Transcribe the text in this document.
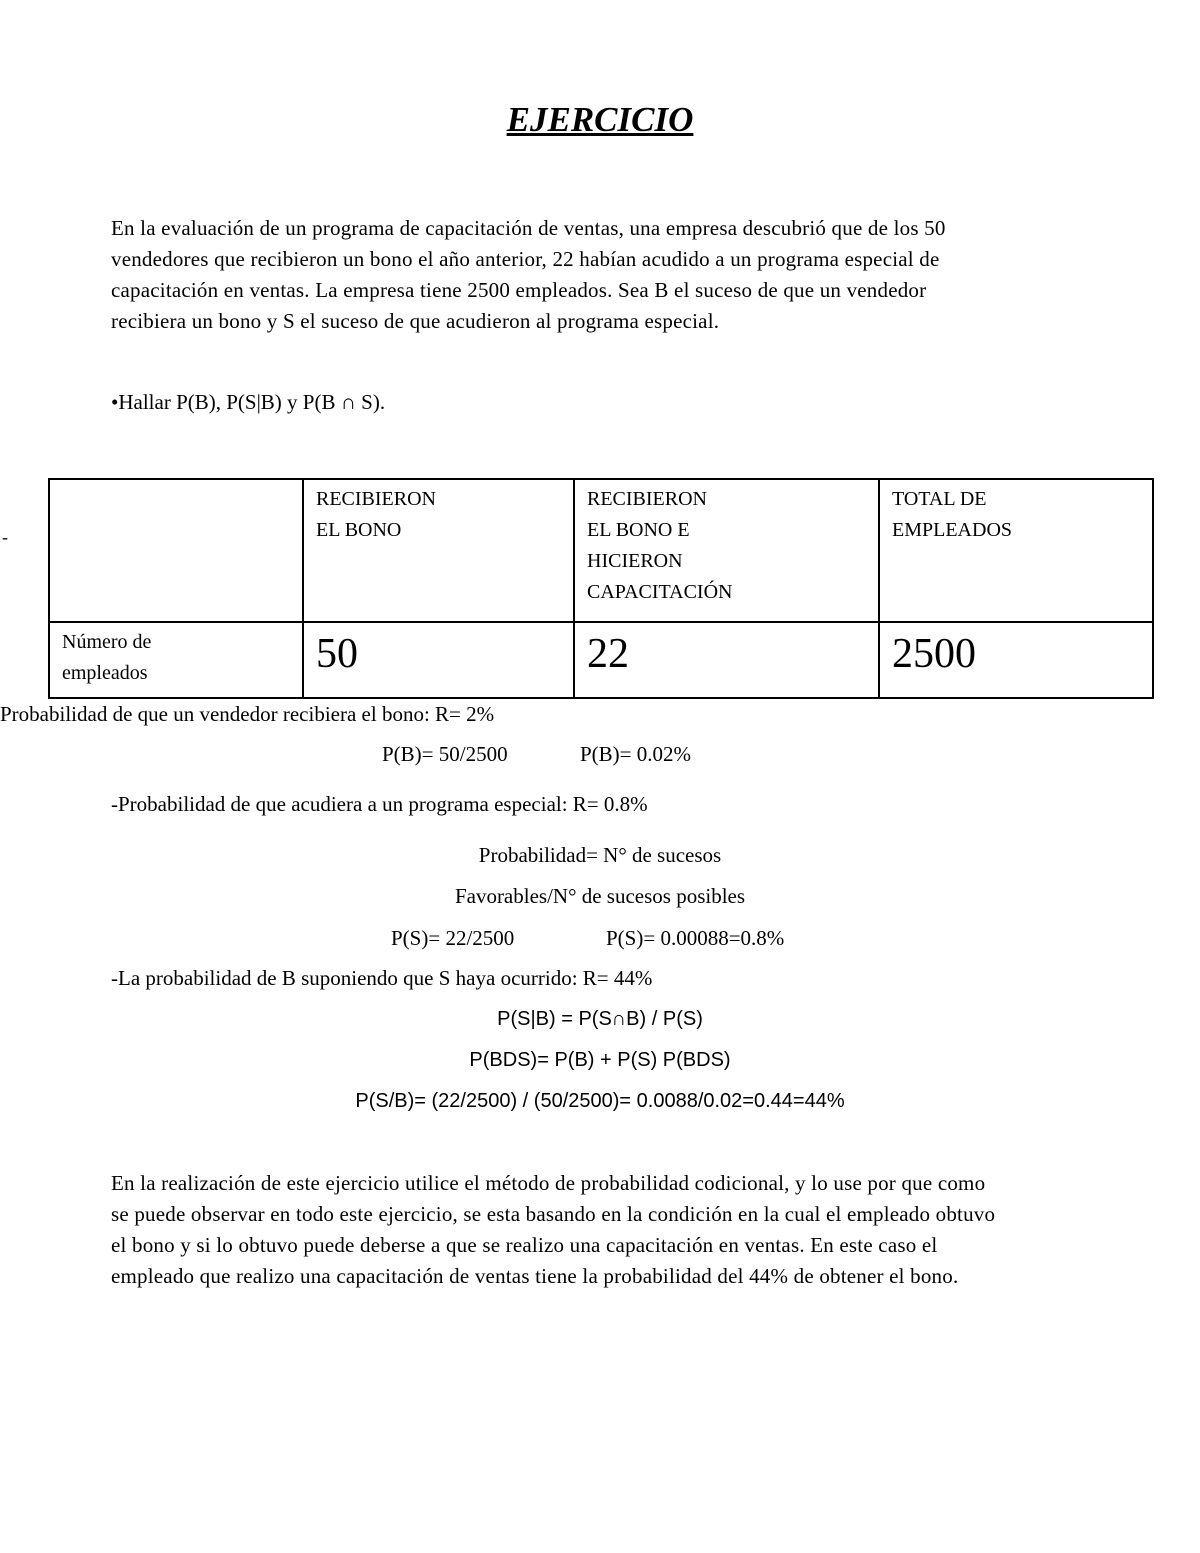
EJERCICIO
En la evaluación de un programa de capacitación de ventas, una empresa descubrió que de los 50
vendedores que recibieron un bono el año anterior, 22 habían acudido a un programa especial de
capacitación en ventas. La empresa tiene 2500 empleados. Sea B el suceso de que un vendedor
recibiera un bono y S el suceso de que acudieron al programa especial.
•Hallar P(B), P(S|B) y P(B ∩ S).
-

	RECIBIERON
EL BONO	RECIBIERON
EL BONO E
HICIERON
CAPACITACIÓN	TOTAL DE
EMPLEADOS

Número de
empleados	50	22	2500
Probabilidad de que un vendedor recibiera el bono: R= 2%
P(B)= 50/2500	P(B)= 0.02%
-Probabilidad de que acudiera a un programa especial: R= 0.8%
Probabilidad= N° de sucesos
Favorables/N° de sucesos posibles
P(S)= 22/2500	P(S)= 0.00088=0.8%
-La probabilidad de B suponiendo que S haya ocurrido: R= 44%
P(S|B) = P(S∩B) / P(S)
P(BDS)= P(B) + P(S) P(BDS)
P(S/B)= (22/2500) / (50/2500)= 0.0088/0.02=0.44=44%
En la realización de este ejercicio utilice el método de probabilidad codicional, y lo use por que como
se puede observar en todo este ejercicio, se esta basando en la condición en la cual el empleado obtuvo
el bono y si lo obtuvo puede deberse a que se realizo una capacitación en ventas. En este caso el
empleado que realizo una capacitación de ventas tiene la probabilidad del 44% de obtener el bono.
